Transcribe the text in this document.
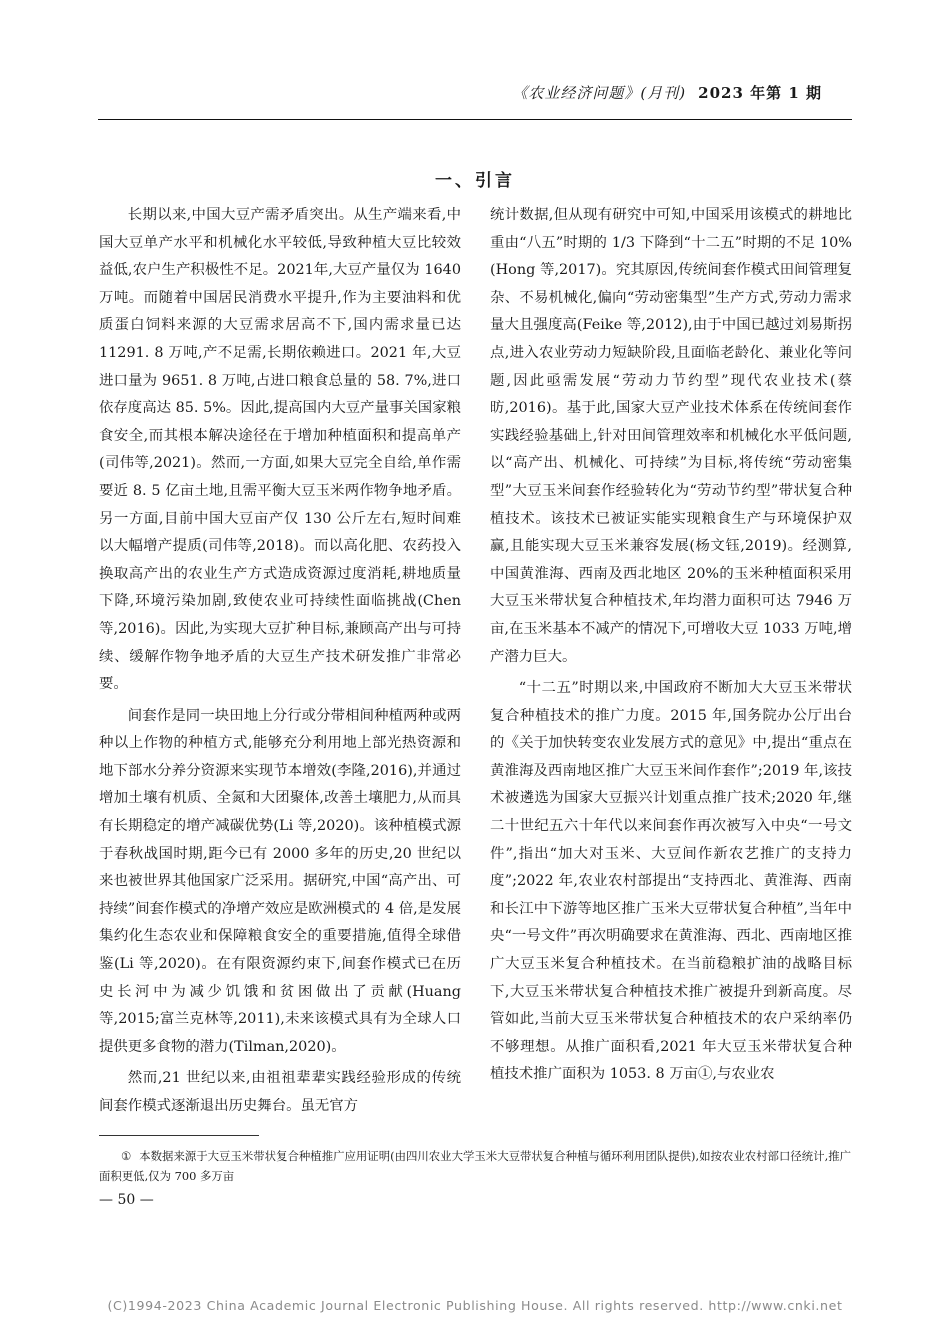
《农业经济问题》(月刊) 2023 年第 1 期
一、引言

长期以来,中国大豆产需矛盾突出。从生产端来看,中国大豆单产水平和机械化水平较低,导致种植大豆比较效益低,农户生产积极性不足。2021年,大豆产量仅为 1640 万吨。而随着中国居民消费水平提升,作为主要油料和优质蛋白饲料来源的大豆需求居高不下,国内需求量已达 11291. 8 万吨,产不足需,长期依赖进口。2021 年,大豆进口量为 9651. 8 万吨,占进口粮食总量的 58. 7%,进口依存度高达 85. 5%。因此,提高国内大豆产量事关国家粮食安全,而其根本解决途径在于增加种植面积和提高单产(司伟等,2021)。然而,一方面,如果大豆完全自给,单作需要近 8. 5 亿亩土地,且需平衡大豆玉米两作物争地矛盾。另一方面,目前中国大豆亩产仅 130 公斤左右,短时间难以大幅增产提质(司伟等,2018)。而以高化肥、农药投入换取高产出的农业生产方式造成资源过度消耗,耕地质量下降,环境污染加剧,致使农业可持续性面临挑战(Chen 等,2016)。因此,为实现大豆扩种目标,兼顾高产出与可持续、缓解作物争地矛盾的大豆生产技术研发推广非常必要。

间套作是同一块田地上分行或分带相间种植两种或两种以上作物的种植方式,能够充分利用地上部光热资源和地下部水分养分资源来实现节本增效(李隆,2016),并通过增加土壤有机质、全氮和大团聚体,改善土壤肥力,从而具有长期稳定的增产减碳优势(Li 等,2020)。该种植模式源于春秋战国时期,距今已有 2000 多年的历史,20 世纪以来也被世界其他国家广泛采用。据研究,中国“高产出、可持续”间套作模式的净增产效应是欧洲模式的 4 倍,是发展集约化生态农业和保障粮食安全的重要措施,值得全球借鉴(Li 等,2020)。在有限资源约束下,间套作模式已在历史长河中为减少饥饿和贫困做出了贡献(Huang 等,2015;富兰克林等,2011),未来该模式具有为全球人口提供更多食物的潜力(Tilman,2020)。

然而,21 世纪以来,由祖祖辈辈实践经验形成的传统间套作模式逐渐退出历史舞台。虽无官方

统计数据,但从现有研究中可知,中国采用该模式的耕地比重由“八五”时期的 1/3 下降到“十二五”时期的不足 10%(Hong 等,2017)。究其原因,传统间套作模式田间管理复杂、不易机械化,偏向“劳动密集型”生产方式,劳动力需求量大且强度高(Feike 等,2012),由于中国已越过刘易斯拐点,进入农业劳动力短缺阶段,且面临老龄化、兼业化等问题,因此亟需发展“劳动力节约型”现代农业技术(蔡昉,2016)。基于此,国家大豆产业技术体系在传统间套作实践经验基础上,针对田间管理效率和机械化水平低问题,以“高产出、机械化、可持续”为目标,将传统“劳动密集型”大豆玉米间套作经验转化为“劳动节约型”带状复合种植技术。该技术已被证实能实现粮食生产与环境保护双赢,且能实现大豆玉米兼容发展(杨文钰,2019)。经测算,中国黄淮海、西南及西北地区 20%的玉米种植面积采用大豆玉米带状复合种植技术,年均潜力面积可达 7946 万亩,在玉米基本不减产的情况下,可增收大豆 1033 万吨,增产潜力巨大。

“十二五”时期以来,中国政府不断加大大豆玉米带状复合种植技术的推广力度。2015 年,国务院办公厅出台的《关于加快转变农业发展方式的意见》中,提出“重点在黄淮海及西南地区推广大豆玉米间作套作”;2019 年,该技术被遴选为国家大豆振兴计划重点推广技术;2020 年,继二十世纪五六十年代以来间套作再次被写入中央“一号文件”,指出“加大对玉米、大豆间作新农艺推广的支持力度”;2022 年,农业农村部提出“支持西北、黄淮海、西南和长江中下游等地区推广玉米大豆带状复合种植”,当年中央“一号文件”再次明确要求在黄淮海、西北、西南地区推广大豆玉米复合种植技术。在当前稳粮扩油的战略目标下,大豆玉米带状复合种植技术推广被提升到新高度。尽管如此,当前大豆玉米带状复合种植技术的农户采纳率仍不够理想。从推广面积看,2021 年大豆玉米带状复合种植技术推广面积为 1053. 8 万亩①,与农业农

① 本数据来源于大豆玉米带状复合种植推广应用证明(由四川农业大学玉米大豆带状复合种植与循环利用团队提供),如按农业农村部口径统计,推广面积更低,仅为 700 多万亩
— 50 —
(C)1994-2023 China Academic Journal Electronic Publishing House. All rights reserved. http://www.cnki.net
